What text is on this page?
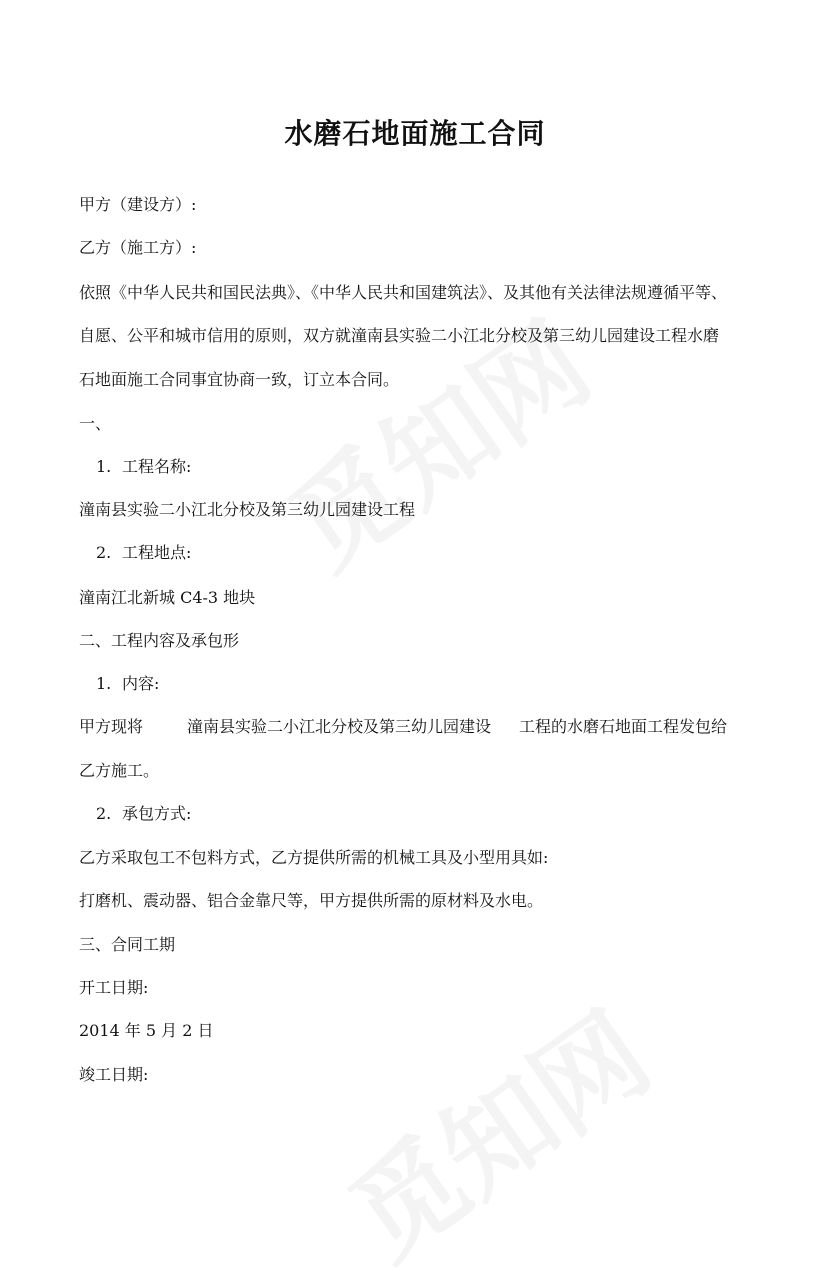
水磨石地面施工合同
甲方（建设方）:
乙方（施工方）:
依照《中华人民共和国民法典》、《中华人民共和国建筑法》、及其他有关法律法规遵循平等、
自愿、公平和城市信用的原则，双方就潼南县实验二小江北分校及第三幼儿园建设工程水磨
石地面施工合同事宜协商一致，订立本合同。
一、
1. 工程名称:
潼南县实验二小江北分校及第三幼儿园建设工程
2. 工程地点:
潼南江北新城 C4-3 地块
二、工程内容及承包形
1. 内容:
甲方现将	潼南县实验二小江北分校及第三幼儿园建设 工程的水磨石地面工程发包给
乙方施工。
2. 承包方式:
乙方采取包工不包料方式，乙方提供所需的机械工具及小型用具如:
打磨机、震动器、铝合金靠尺等，甲方提供所需的原材料及水电。
三、合同工期
开工日期:
2014 年 5 月 2 日
竣工日期:
